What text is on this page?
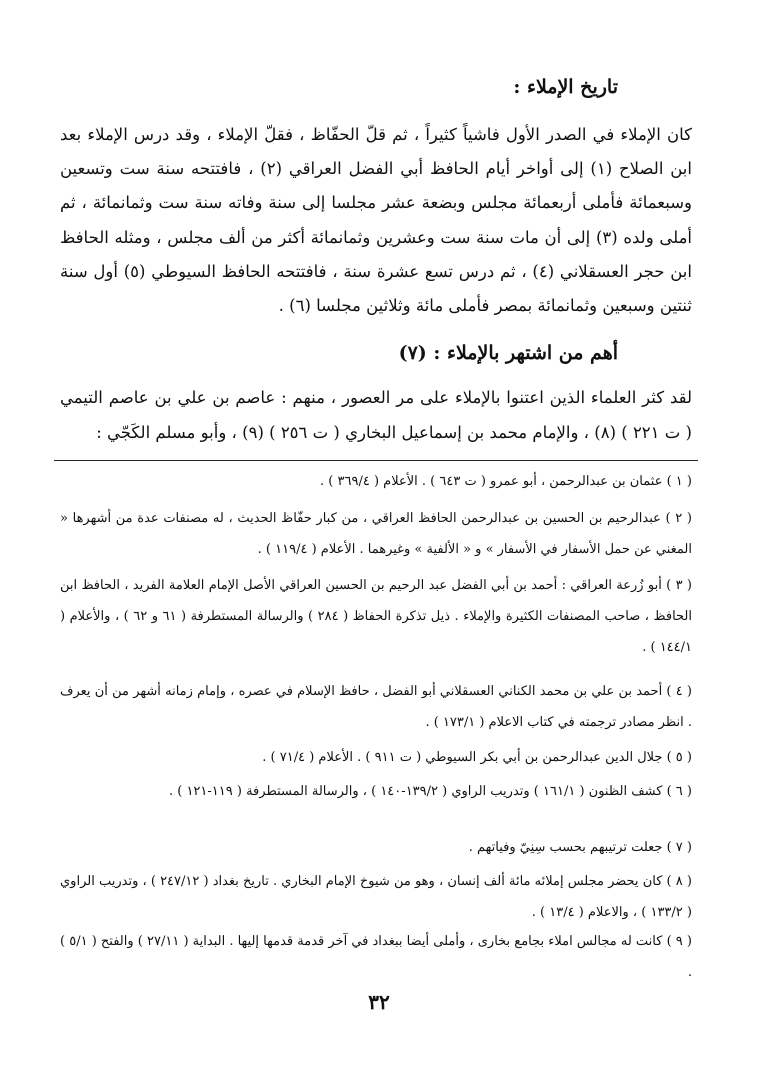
تاريخ الإملاء :

كان الإملاء في الصدر الأول فاشياً كثيراً ، ثم قلّ الحفّاظ ، فقلّ الإملاء ، وقد درس الإملاء بعد ابن الصلاح (١) إلى أواخر أيام الحافظ أبي الفضل العراقي (٢) ، فافتتحه سنة ست وتسعين وسبعمائة فأملى أربعمائة مجلس وبضعة عشر مجلسا إلى سنة وفاته سنة ست وثمانمائة ، ثم أملى ولده (٣) إلى أن مات سنة ست وعشرين وثمانمائة أكثر من ألف مجلس ، ومثله الحافظ ابن حجر العسقلاني (٤) ، ثم درس تسع عشرة سنة ، فافتتحه الحافظ السيوطي (٥) أول سنة ثنتين وسبعين وثمانمائة بمصر فأملى مائة وثلاثين مجلسا (٦) .

أهم من اشتهر بالإملاء : (٧)

لقد كثر العلماء الذين اعتنوا بالإملاء على مر العصور ، منهم : عاصم بن علي بن عاصم التيمي ( ت ٢٢١ ) (٨) ، والإمام محمد بن إسماعيل البخاري ( ت ٢٥٦ ) (٩) ، وأبو مسلم الكَجّي :

( ١ ) عثمان بن عبدالرحمن ، أبو عمرو ( ت ٦٤٣ ) . الأعلام ( ٣٦٩/٤ ) .

( ٢ ) عبدالرحيم بن الحسين بن عبدالرحمن الحافظ العراقي ، من كبار حفّاظ الحديث ، له مصنفات عدة من أشهرها « المغني عن حمل الأسفار في الأسفار » و « الألفية » وغيرهما . الأعلام ( ١١٩/٤ ) .

( ٣ ) أبو زُرعة العراقي : أحمد بن أبي الفضل عبد الرحيم بن الحسين العراقي الأصل الإمام العلامة الفريد ، الحافظ ابن الحافظ ، صاحب المصنفات الكثيرة والإملاء . ذيل تذكرة الحفاظ ( ٢٨٤ ) والرسالة المستطرفة ( ٦١ و ٦٢ ) ، والأعلام ( ١٤٤/١ ) .

( ٤ ) أحمد بن علي بن محمد الكناني العسقلاني أبو الفضل ، حافظ الإسلام في عصره ، وإمام زمانه أشهر من أن يعرف . انظر مصادر ترجمته في كتاب الاعلام ( ١٧٣/١ ) .

( ٥ ) جلال الدين عبدالرحمن بن أبي بكر السيوطي ( ت ٩١١ ) . الأعلام ( ٧١/٤ ) .

( ٦ ) كشف الظنون ( ١٦١/١ ) وتدريب الراوي ( ١٣٩/٢-١٤٠ ) ، والرسالة المستطرفة ( ١١٩-١٢١ ) .

( ٧ ) جعلت ترتيبهم بحسب سِنِيّ وفياتهم .

( ٨ ) كان يحضر مجلس إملائه مائة ألف إنسان ، وهو من شيوخ الإمام البخاري . تاريخ بغداد ( ٢٤٧/١٢ ) ، وتدريب الراوي ( ١٣٣/٢ ) ، والاعلام ( ١٣/٤ ) .

( ٩ ) كانت له مجالس املاء بجامع بخارى ، وأملى أيضا ببغداد في آخر قدمة قدمها إليها . البداية ( ٢٧/١١ ) والفتح ( ٥/١ ) .

٣٢
